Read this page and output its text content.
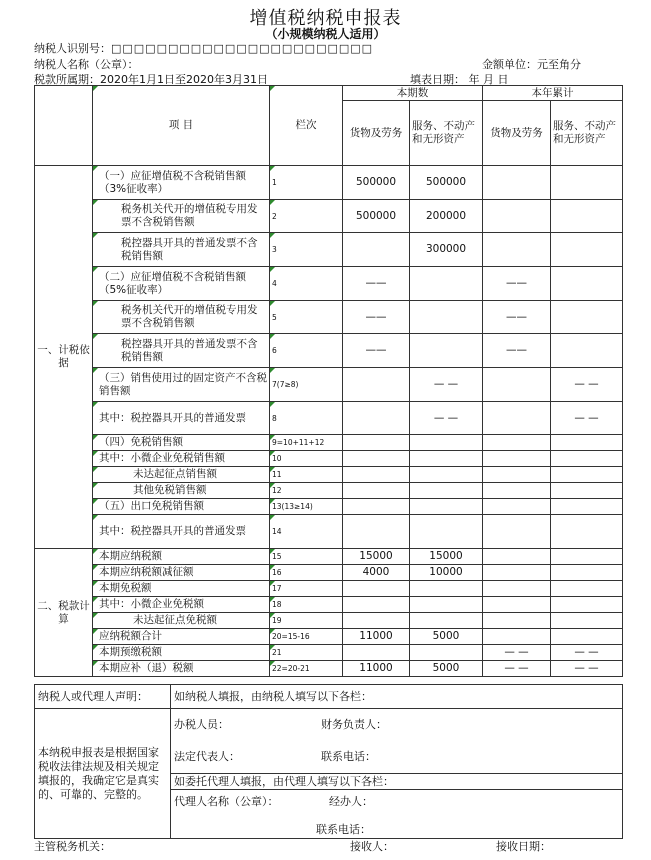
增值税纳税申报表
（小规模纳税人适用）
纳税人识别号：□□□□□□□□□□□□□□□□□□□□□□□
纳税人名称（公章）：	金额单位：元至角分
税款所属期：2020年1月1日至2020年3月31日	填表日期： 年 月 日
	项 目	栏次	本期数		本年累计	
			货物及劳务	服务、不动产和无形资产	货物及劳务	服务、不动产和无形资产
一、计税依据	（一）应征增值税不含税销售额（3%征收率）	1	500000	500000		
	税务机关代开的增值税专用发票不含税销售额	2	500000	200000		
	税控器具开具的普通发票不含税销售额	3		300000		
	（二）应征增值税不含税销售额（5%征收率）	4	——		——	
	税务机关代开的增值税专用发票不含税销售额	5	——		——	
	税控器具开具的普通发票不含税销售额	6	——		——	
	（三）销售使用过的固定资产不含税销售额	7(7≥8)		— —		— —
	其中：税控器具开具的普通发票	8		— —		— —
	（四）免税销售额	9=10+11+12				
	其中：小微企业免税销售额	10				
	未达起征点销售额	11				
	其他免税销售额	12				
	（五）出口免税销售额	13(13≥14)				
	其中：税控器具开具的普通发票	14				
二、税款计算	本期应纳税额	15	15000	15000		
	本期应纳税额减征额	16	4000	10000		
	本期免税额	17				
	其中：小微企业免税额	18				
	未达起征点免税额	19				
	应纳税额合计	20=15-16	11000	5000		
	本期预缴税额	21			— —	— —
	本期应补（退）税额	22=20-21	11000	5000	— —	— —
纳税人或代理人声明：	如纳税人填报，由纳税人填写以下各栏：
本纳税申报表是根据国家税收法律法规及相关规定填报的，我确定它是真实的、可靠的、完整的。	办税人员： 财务负责人：
法定代表人： 联系电话：

	如委托代理人填报，由代理人填写以下各栏：

	代理人名称（公章）： 经办人：
联系电话：
主管税务机关：	接收人：	接收日期：
